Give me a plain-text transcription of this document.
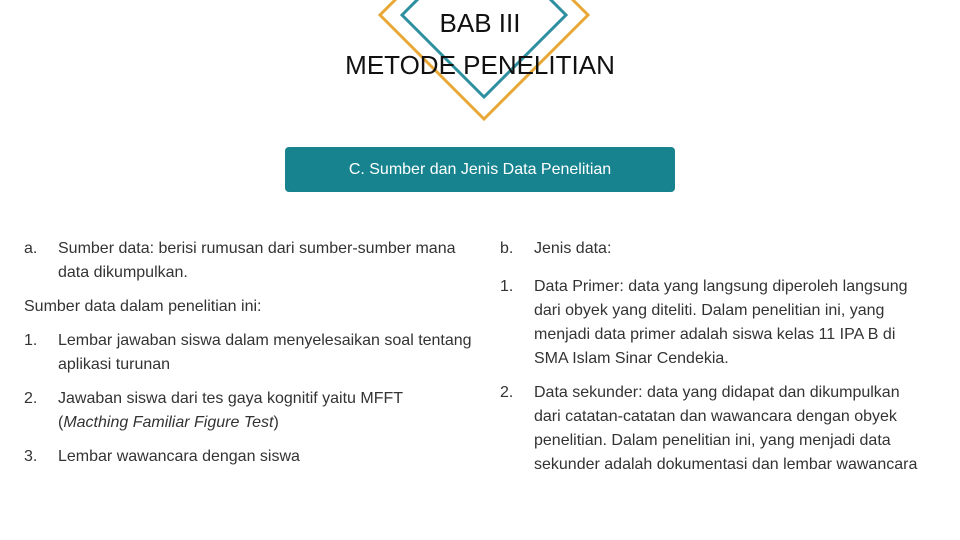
BAB III
METODE PENELITIAN
C. Sumber dan Jenis Data Penelitian
a.	Sumber data: berisi rumusan dari sumber-sumber mana data dikumpulkan.

Sumber data dalam penelitian ini:

1.	Lembar jawaban siswa dalam menyelesaikan soal tentang aplikasi turunan
2.	Jawaban siswa dari tes gaya kognitif yaitu MFFT (Macthing Familiar Figure Test)
3.	Lembar wawancara dengan siswa
b.	Jenis data:
1.	Data Primer: data yang langsung diperoleh langsung dari obyek yang diteliti. Dalam penelitian ini, yang menjadi data primer adalah siswa kelas 11 IPA B di SMA Islam Sinar Cendekia.
2.	Data sekunder: data yang didapat dan dikumpulkan dari catatan-catatan dan wawancara dengan obyek penelitian. Dalam penelitian ini, yang menjadi data sekunder adalah dokumentasi dan lembar wawancara
